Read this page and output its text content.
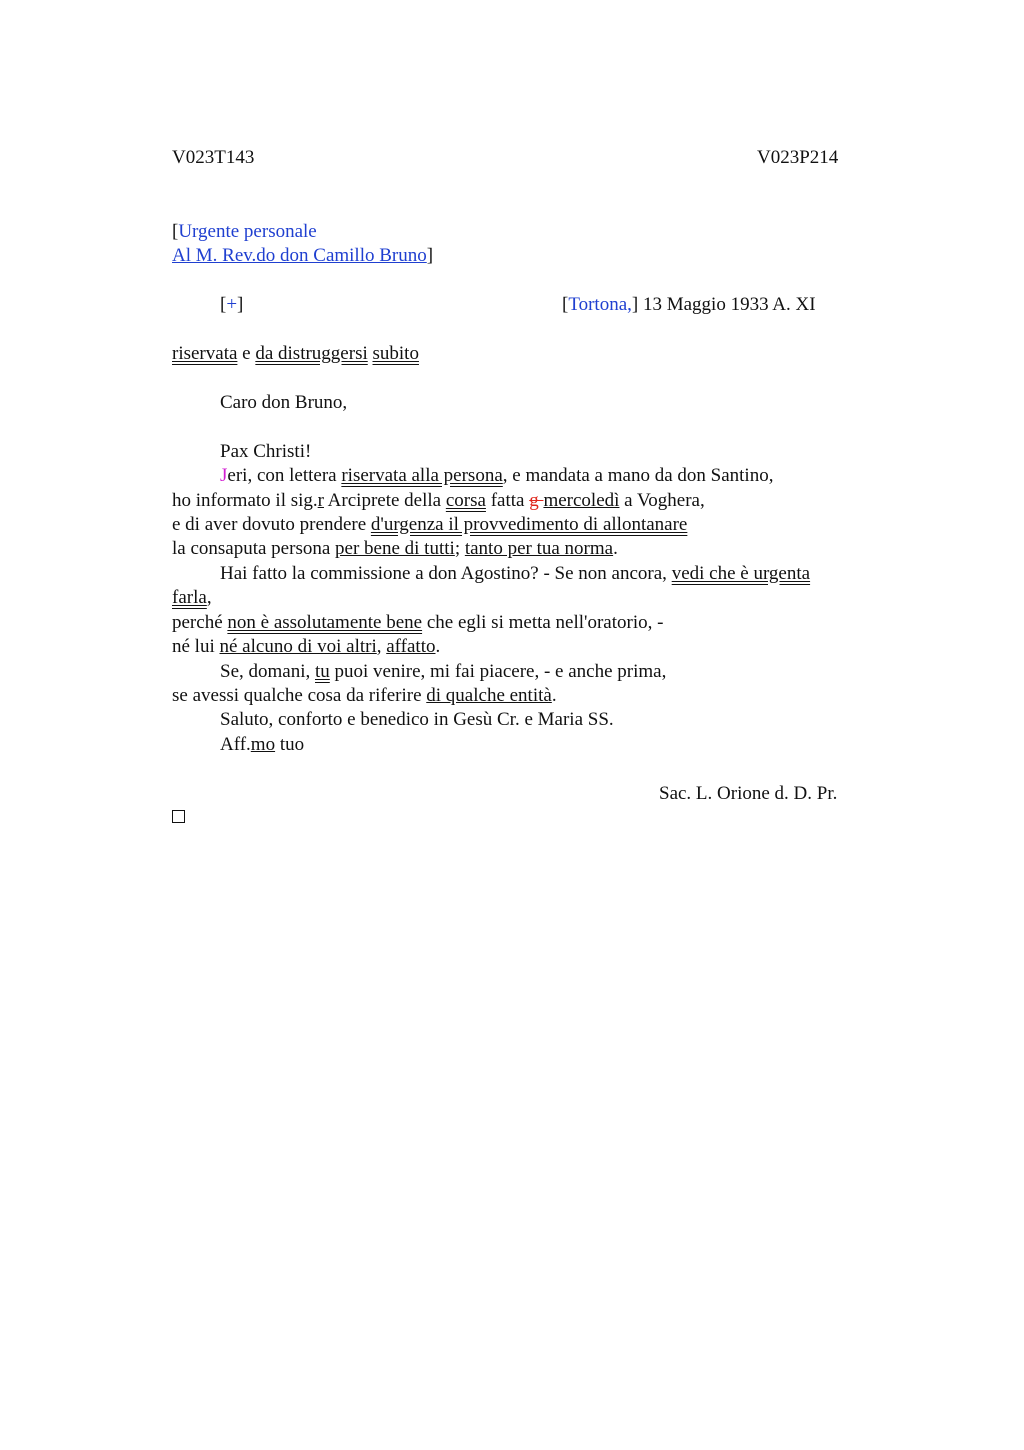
V023T143	V023P214
[Urgente personale
Al M. Rev.do don Camillo Bruno]
[+]	[Tortona,] 13 Maggio 1933 A. XI
riservata e da distruggersi subito
Caro don Bruno,
Pax Christi!
Jeri, con lettera riservata alla persona, e mandata a mano da don Santino,
ho informato il sig.r Arciprete della corsa fatta g mercoledì a Voghera,
e di aver dovuto prendere d'urgenza il provvedimento di allontanare
la consaputa persona per bene di tutti; tanto per tua norma.
Hai fatto la commissione a don Agostino? - Se non ancora, vedi che è urgenta
farla,
perché non è assolutamente bene che egli si metta nell'oratorio, -
né lui né alcuno di voi altri, affatto.
Se, domani, tu puoi venire, mi fai piacere, - e anche prima,
se avessi qualche cosa da riferire di qualche entità.
Saluto, conforto e benedico in Gesù Cr. e Maria SS.
Aff.mo tuo
Sac. L. Orione d. D. Pr.
